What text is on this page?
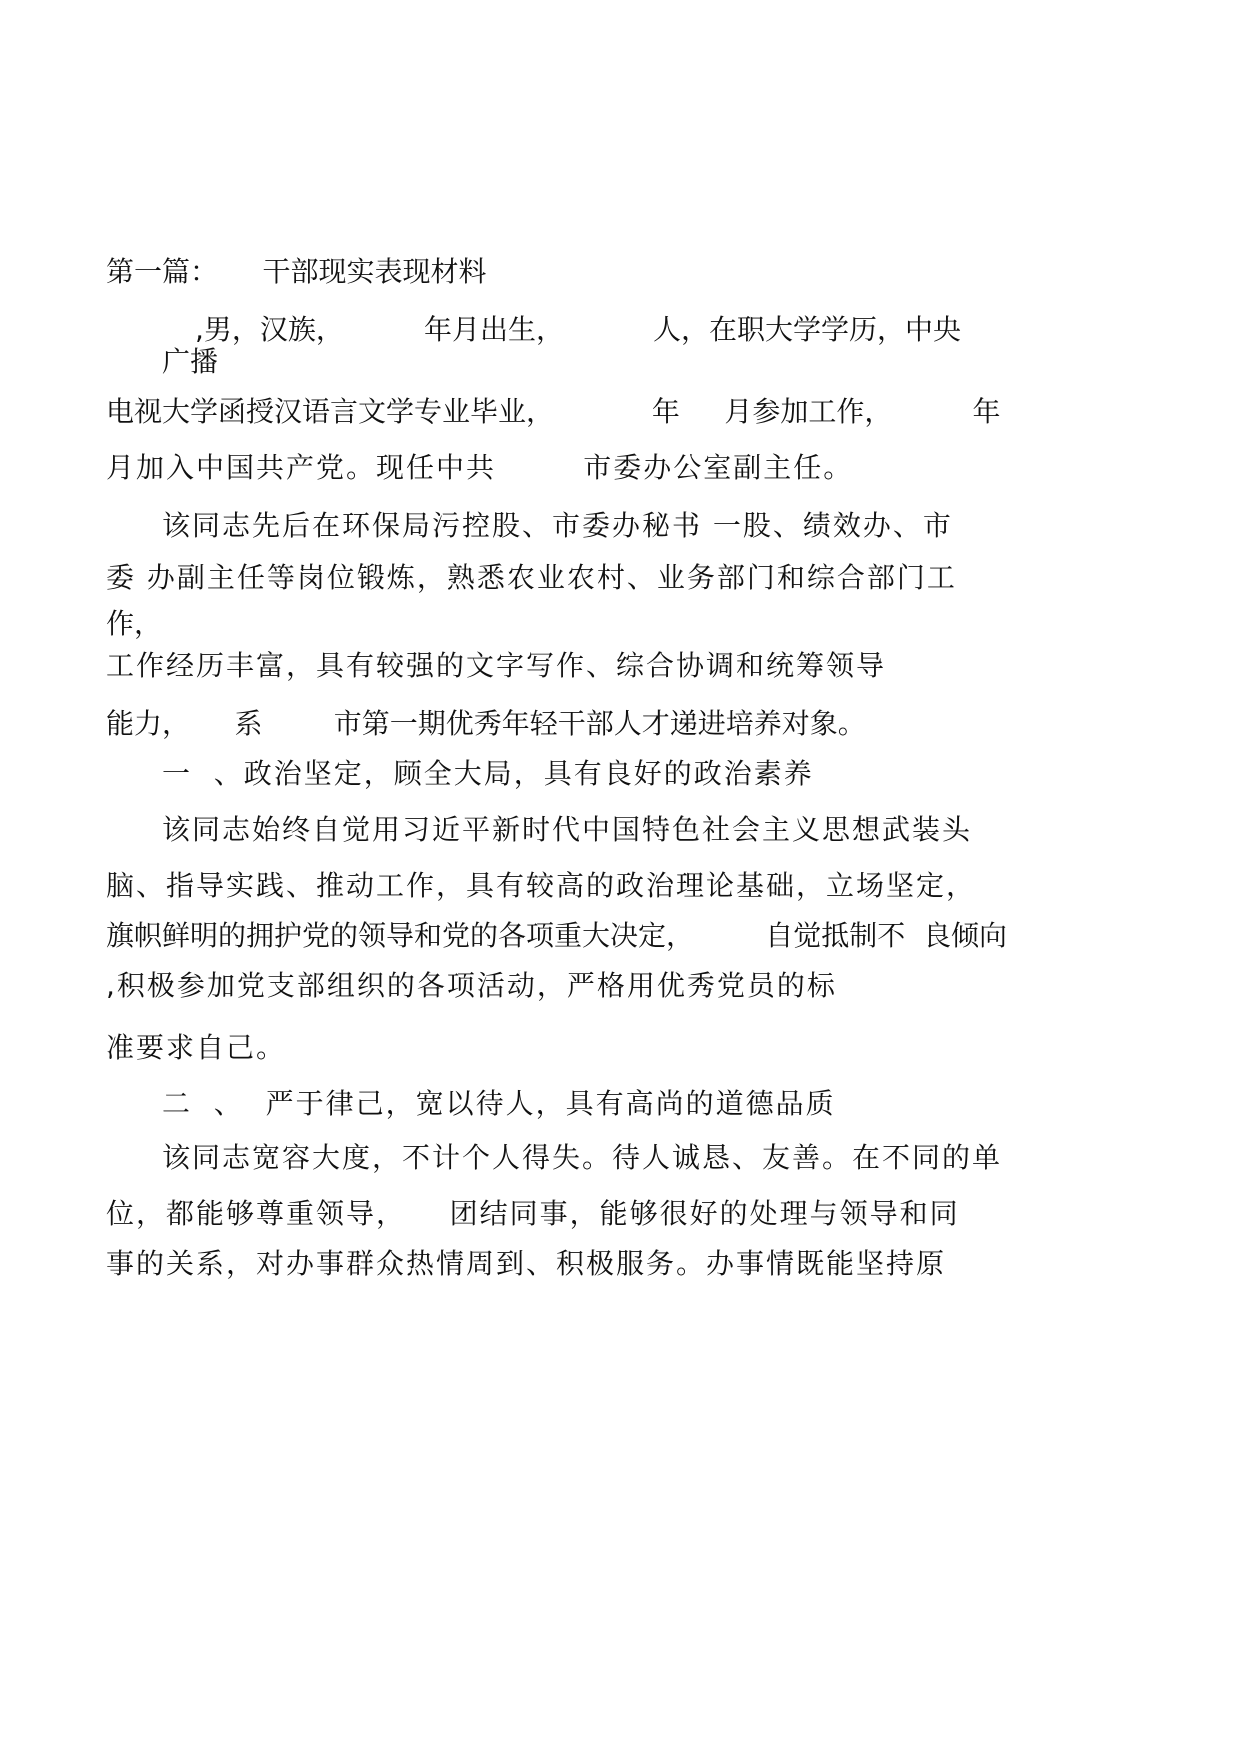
第一篇：     干部现实表现材料
,男，汉族，         年月出生，          人，在职大学学历，中央
广播
电视大学函授汉语言文学专业毕业，           年     月参加工作，         年
月加入中国共产党。现任中共        市委办公室副主任。
该同志先后在环保局污控股、市委办秘书 一股、绩效办、市
委 办副主任等岗位锻炼，熟悉农业农村、业务部门和综合部门工
作，
工作经历丰富，具有较强的文字写作、综合协调和统筹领导
能力，     系        市第一期优秀年轻干部人才递进培养对象。
一  、政治坚定，顾全大局，具有良好的政治素养
该同志始终自觉用习近平新时代中国特色社会主义思想武装头
脑、指导实践、推动工作，具有较高的政治理论基础，立场坚定，
旗帜鲜明的拥护党的领导和党的各项重大决定，        自觉抵制不  良倾向
,积极参加党支部组织的各项活动，严格用优秀党员的标
准要求自己。
二  、  严于律己，宽以待人，具有高尚的道德品质
该同志宽容大度，不计个人得失。待人诚恳、友善。在不同的单
位，都能够尊重领导，    团结同事，能够很好的处理与领导和同
事的关系，对办事群众热情周到、积极服务。办事情既能坚持原
